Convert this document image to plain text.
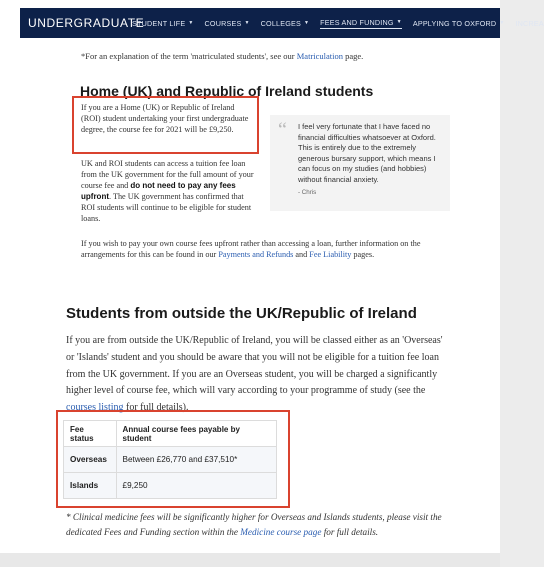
UNDERGRADUATE
STUDENT LIFE ▼ COURSES ▼ COLLEGES ▼ FEES AND FUNDING ▼ APPLYING TO OXFORD ▼ INCREA

*For an explanation of the term 'matriculated students', see our Matriculation page.

Home (UK) and Republic of Ireland students

If you are a Home (UK) or Republic of Ireland (ROI) student undertaking your first undergraduate degree, the course fee for 2021 will be £9,250.

UK and ROI students can access a tuition fee loan from the UK government for the full amount of your course fee and do not need to pay any fees upfront. The UK government has confirmed that ROI students will continue to be eligible for student loans.

“ I feel very fortunate that I have faced no financial difficulties whatsoever at Oxford. This is entirely due to the extremely generous bursary support, which means I can focus on my studies (and hobbies) without financial anxiety.

- Chris

If you wish to pay your own course fees upfront rather than accessing a loan, further information on the arrangements for this can be found in our Payments and Refunds and Fee Liability pages.

Students from outside the UK/Republic of Ireland

If you are from outside the UK/Republic of Ireland, you will be classed either as an 'Overseas' or 'Islands' student and you should be aware that you will not be eligible for a tuition fee loan from the UK government. If you are an Overseas student, you will be charged a significantly higher level of course fee, which will vary according to your programme of study (see the courses listing for full details).

Fee status	Annual course fees payable by student
Overseas	Between £26,770 and £37,510*
Islands	£9,250

* Clinical medicine fees will be significantly higher for Overseas and Islands students, please visit the dedicated Fees and Funding section within the Medicine course page for full details.
